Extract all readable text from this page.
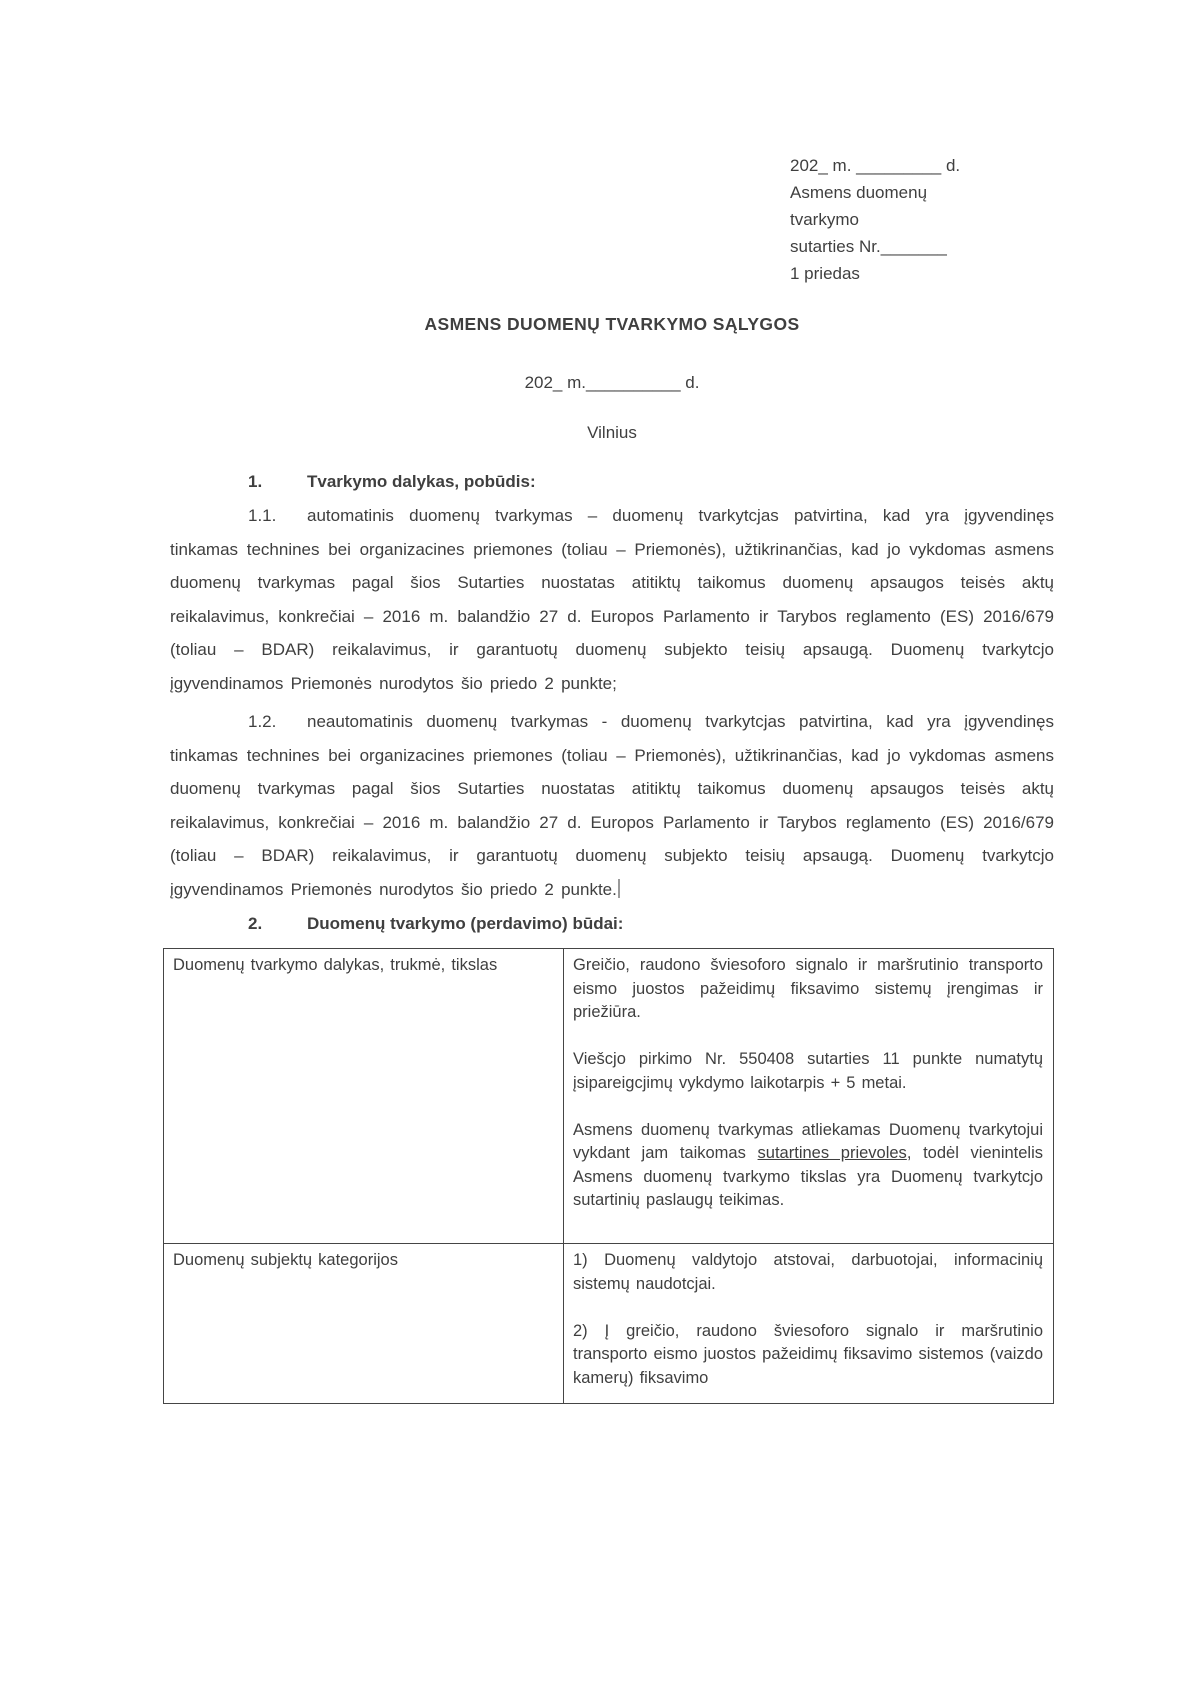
202_ m. _________ d.
Asmens duomenų
tvarkymo
sutarties Nr._______
1 priedas
ASMENS DUOMENŲ TVARKYMO SĄLYGOS
202_ m.__________ d.
Vilnius
1.	Tvarkymo dalykas, pobūdis:

1.1. automatinis duomenų tvarkymas – duomenų tvarkytcjas patvirtina, kad yra įgyvendinęs tinkamas technines bei organizacines priemones (toliau – Priemonės), užtikrinančias, kad jo vykdomas asmens duomenų tvarkymas pagal šios Sutarties nuostatas atitiktų taikomus duomenų apsaugos teisės aktų reikalavimus, konkrečiai – 2016 m. balandžio 27 d. Europos Parlamento ir Tarybos reglamento (ES) 2016/679 (toliau – BDAR) reikalavimus, ir garantuotų duomenų subjekto teisių apsaugą. Duomenų tvarkytcjo įgyvendinamos Priemonės nurodytos šio priedo 2 punkte;

1.2. neautomatinis duomenų tvarkymas - duomenų tvarkytcjas patvirtina, kad yra įgyvendinęs tinkamas technines bei organizacines priemones (toliau – Priemonės), užtikrinančias, kad jo vykdomas asmens duomenų tvarkymas pagal šios Sutarties nuostatas atitiktų taikomus duomenų apsaugos teisės aktų reikalavimus, konkrečiai – 2016 m. balandžio 27 d. Europos Parlamento ir Tarybos reglamento (ES) 2016/679 (toliau – BDAR) reikalavimus, ir garantuotų duomenų subjekto teisių apsaugą. Duomenų tvarkytcjo įgyvendinamos Priemonės nurodytos šio priedo 2 punkte.

2.	Duomenų tvarkymo (perdavimo) būdai:

Duomenų tvarkymo dalykas, trukmė, tikslas	Greičio, raudono šviesoforo signalo ir maršrutinio transporto eismo juostos pažeidimų fiksavimo sistemų įrengimas ir priežiūra.

Viešcjo pirkimo Nr. 550408 sutarties 11 punkte numatytų įsipareigcjimų vykdymo laikotarpis + 5 metai.

Asmens duomenų tvarkymas atliekamas Duomenų tvarkytojui vykdant jam taikomas sutartines prievoles, todėl vienintelis Asmens duomenų tvarkymo tikslas yra Duomenų tvarkytcjo sutartinių paslaugų teikimas.

Duomenų subjektų kategorijos	1) Duomenų valdytojo atstovai, darbuotojai, informacinių sistemų naudotcjai.

2) Į greičio, raudono šviesoforo signalo ir maršrutinio transporto eismo juostos pažeidimų fiksavimo sistemos (vaizdo kamerų) fiksavimo
